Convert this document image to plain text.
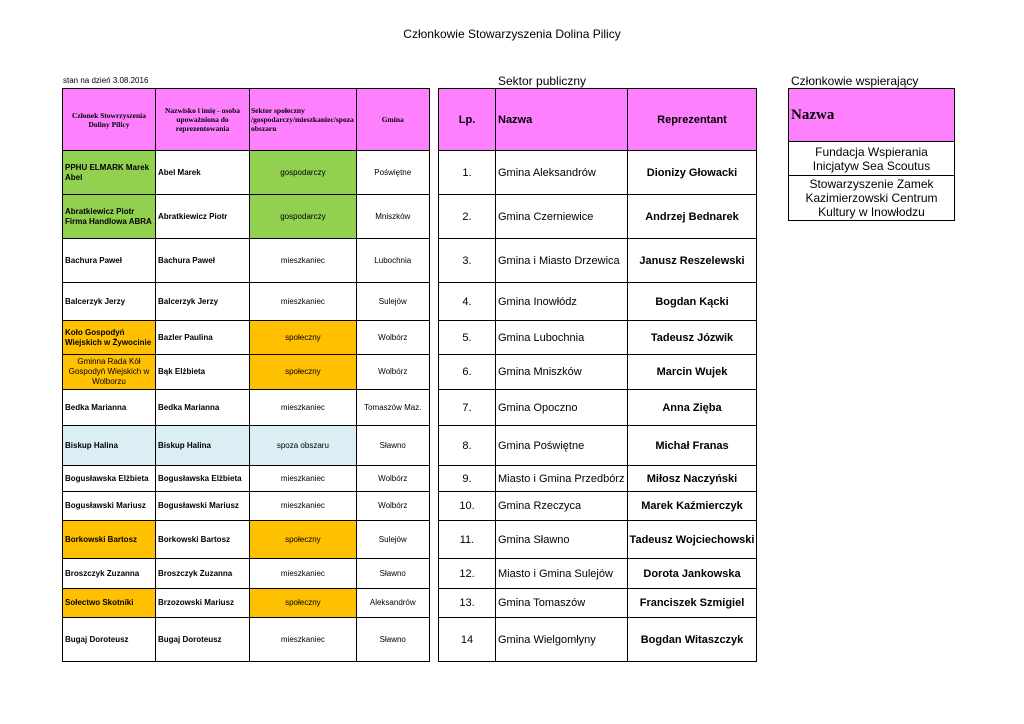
Członkowie Stowarzyszenia Dolina Pilicy
stan na dzień 3.08.2016	Sektor publiczny	Członkowie wspierający
Członek Stowrzyszenia Doliny Pilicy	Nazwisko i imię - osoba upoważniona do reprezentowania	Sektor społeczny /gospodarczy/mieszkaniec/spoza obszaru	Gmina
PPHU ELMARK Marek Abel	Abel Marek	gospodarczy	Poświętne
Abratkiewicz Piotr Firma Handlowa ABRA	Abratkiewicz Piotr	gospodarczy	Mniszków
Bachura Paweł	Bachura Paweł	mieszkaniec	Lubochnia
Balcerzyk Jerzy	Balcerzyk Jerzy	mieszkaniec	Sulejów
Koło Gospodyń Wiejskich w Żywocinie	Bazler Paulina	społeczny	Wolbórz
Gminna Rada Kół Gospodyń Wiejskich w Wolborzu	Bąk Elżbieta	społeczny	Wolbórz
Bedka Marianna	Bedka Marianna	mieszkaniec	Tomaszów Maz.
Biskup Halina	Biskup Halina	spoza obszaru	Sławno
Bogusławska Elżbieta	Bogusławska Elżbieta	mieszkaniec	Wolbórz
Bogusławski Mariusz	Bogusławski Mariusz	mieszkaniec	Wolbórz
Borkowski Bartosz	Borkowski Bartosz	społeczny	Sulejów
Broszczyk Zuzanna	Broszczyk Zuzanna	mieszkaniec	Sławno
Sołectwo Skotniki	Brzozowski Mariusz	społeczny	Aleksandrów
Bugaj Doroteusz	Bugaj Doroteusz	mieszkaniec	Sławno
Lp.	Nazwa	Reprezentant
1.	Gmina Aleksandrów	Dionizy Głowacki
2.	Gmina Czerniewice	Andrzej Bednarek
3.	Gmina i Miasto Drzewica	Janusz Reszelewski
4.	Gmina Inowłódz	Bogdan Kącki
5.	Gmina Lubochnia	Tadeusz Józwik
6.	Gmina Mniszków	Marcin Wujek
7.	Gmina Opoczno	Anna Zięba
8.	Gmina Poświętne	Michał Franas
9.	Miasto i Gmina Przedbórz	Miłosz Naczyński
10.	Gmina Rzeczyca	Marek Kaźmierczyk
11.	Gmina Sławno	Tadeusz Wojciechowski
12.	Miasto i Gmina Sulejów	Dorota Jankowska
13.	Gmina Tomaszów	Franciszek Szmigiel
14	Gmina Wielgomłyny	Bogdan Witaszczyk
Nazwa
Fundacja Wspierania Inicjatyw Sea Scoutus
Stowarzyszenie Zamek Kazimierzowski Centrum Kultury w Inowłodzu
